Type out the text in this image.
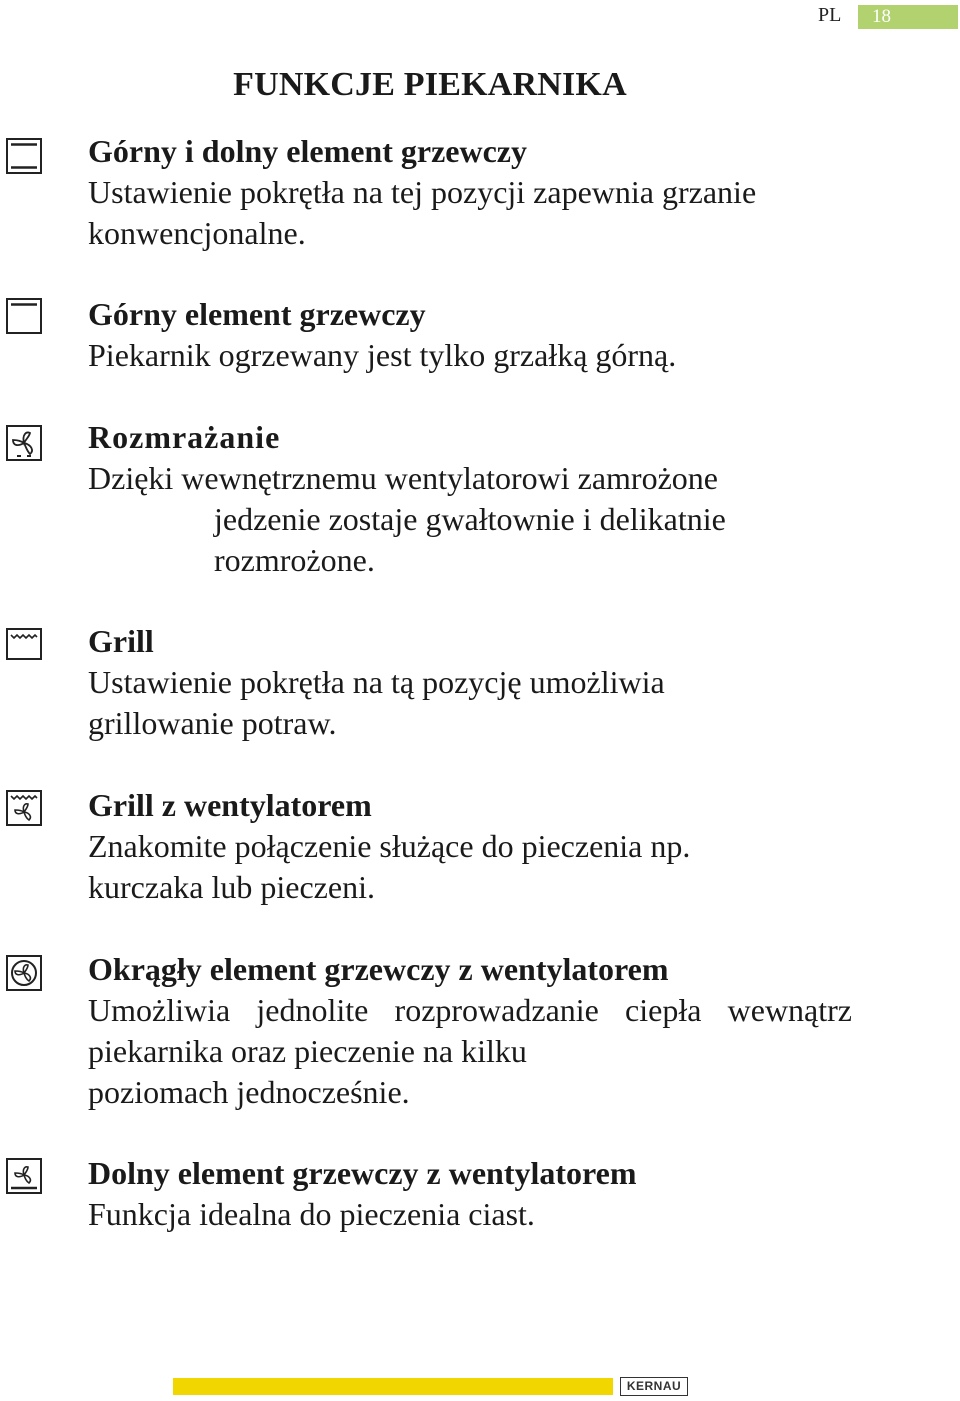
PL	18
FUNKCJE PIEKARNIKA
Górny i dolny element grzewczy
Ustawienie pokrętła na tej pozycji zapewnia grzanie
konwencjonalne.
Górny element grzewczy
Piekarnik ogrzewany jest tylko grzałką górną.
Rozmrażanie
Dzięki wewnętrznemu wentylatorowi zamrożone
jedzenie zostaje gwałtownie i delikatnie
rozmrożone.
Grill
Ustawienie pokrętła na tą pozycję umożliwia
grillowanie potraw.
Grill z wentylatorem
Znakomite połączenie służące do pieczenia np.
kurczaka lub pieczeni.
Okrągły element grzewczy z wentylatorem
Umożliwia jednolite rozprowadzanie ciepła wewnątrz piekarnika oraz pieczenie na kilku
poziomach jednocześnie.
Dolny element grzewczy z wentylatorem
Funkcja idealna do pieczenia ciast.
KERNAU
